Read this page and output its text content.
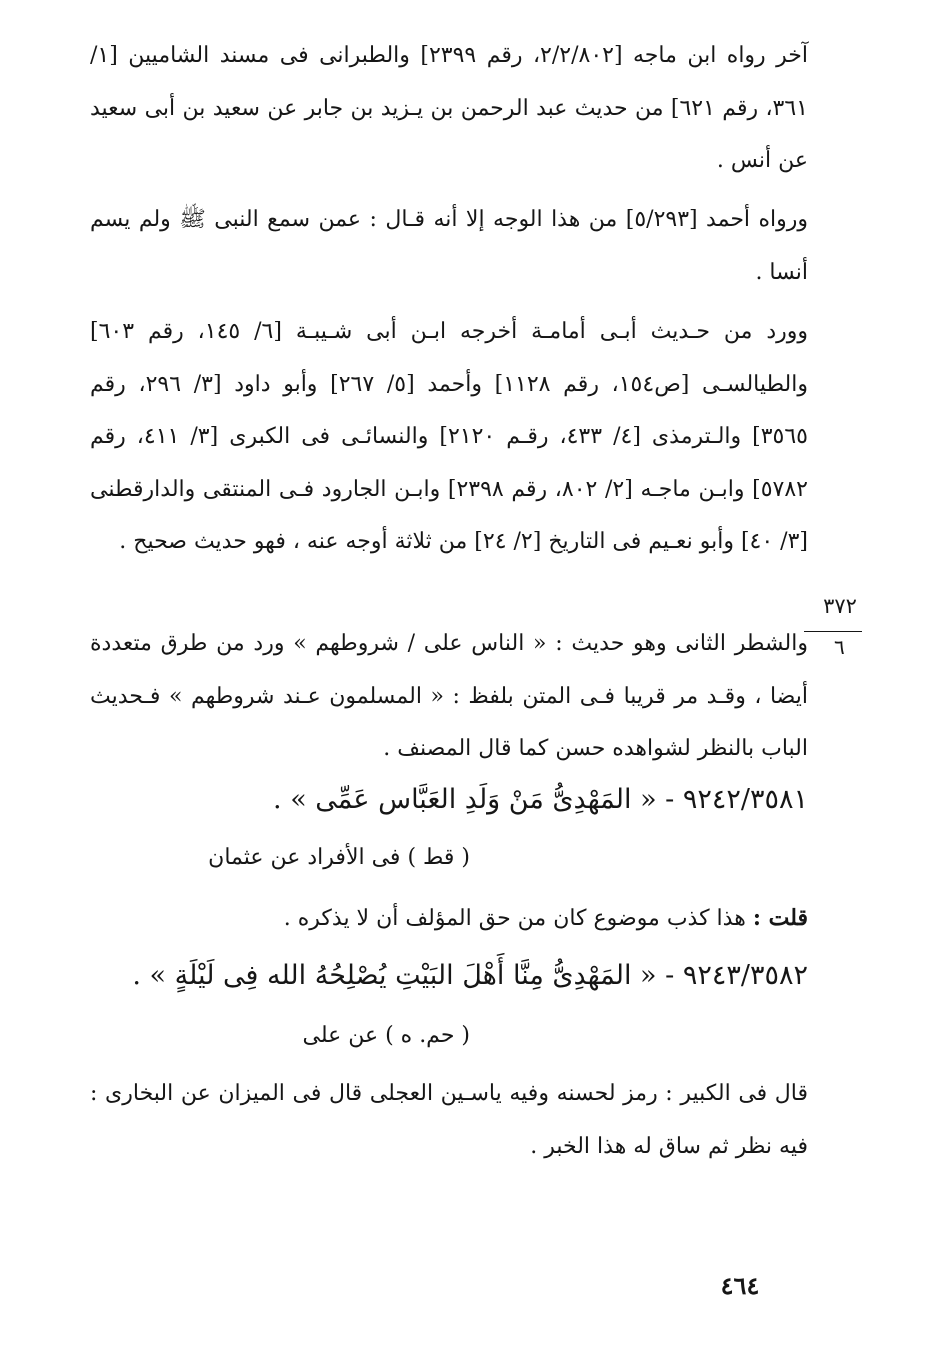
آخر رواه ابن ماجه [٢/٢/٨٠٢، رقم ٢٣٩٩] والطبرانى فى مسند الشاميين [١/ ٣٦١، رقم ٦٢١] من حديث عبد الرحمن بن يـزيد بن جابر عن سعيد بن أبى سعيد عن أنس .

ورواه أحمد [٥/٢٩٣] من هذا الوجه إلا أنه قـال : عمن سمع النبى ﷺ ولم يسم أنسا .

وورد من حـديث أبـى أمامـة أخرجه ابـن أبى شـيبـة [٦/ ١٤٥، رقم ٦٠٣] والطيالسـى [ص١٥٤، رقم ١١٢٨] وأحمد [٥/ ٢٦٧] وأبو داود [٣/ ٢٩٦، رقم ٣٥٦٥] والـترمذى [٤/ ٤٣٣، رقـم ٢١٢٠] والنسائـى فى الكبرى [٣/ ٤١١، رقم ٥٧٨٢] وابـن ماجـه [٢/ ٨٠٢، رقم ٢٣٩٨] وابـن الجارود فـى المنتقى والدارقطنى [٣/ ٤٠] وأبو نعـيم فى التاريخ [٢/ ٢٤] من ثلاثة أوجه عنه ، فهو حديث صحيح .

٣٧٢
٦

والشطر الثانى وهو حديث : « الناس على / شروطهم » ورد من طرق متعددة أيضا ، وقـد مر قريبا فـى المتن بلفظ : « المسلمون عـند شروطهم » فـحديث الباب بالنظر لشواهده حسن كما قال المصنف .

٩٢٤٢/٣٥٨١ - « المَهْدِىُّ مَنْ وَلَدِ العَبَّاس عَمِّى » .
( قط ) فى الأفراد عن عثمان
قلت : هذا كذب موضوع كان من حق المؤلف أن لا يذكره .
٩٢٤٣/٣٥٨٢ - « المَهْدِىُّ مِنَّا أَهْلَ البَيْتِ يُصْلِحُهُ الله فِى لَيْلَةٍ » .
( حم. ه ) عن على

قال فى الكبير : رمز لحسنه وفيه ياسـين العجلى قال فى الميزان عن البخارى : فيه نظر ثم ساق له هذا الخبر .

٤٦٤
